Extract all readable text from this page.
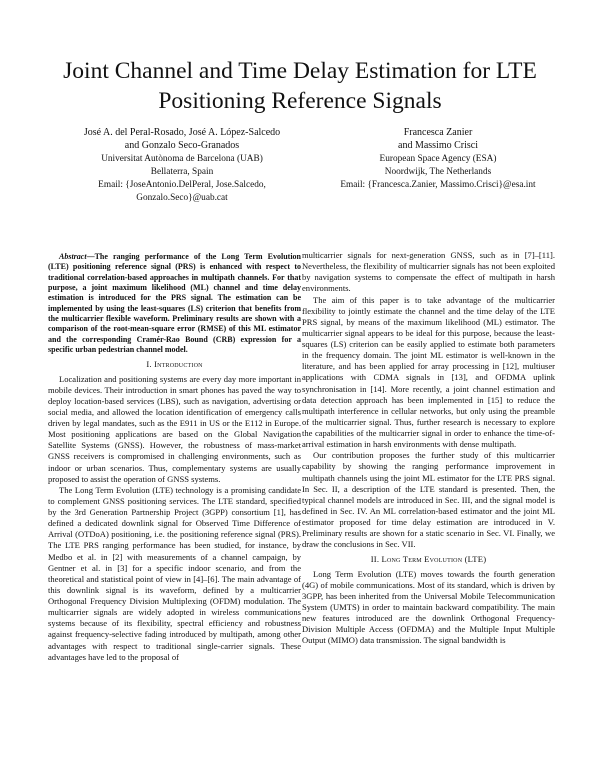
Joint Channel and Time Delay Estimation for LTE
Positioning Reference Signals
José A. del Peral-Rosado, José A. López-Salcedo
and Gonzalo Seco-Granados
Universitat Autònoma de Barcelona (UAB)
Bellaterra, Spain
Email: {JoseAntonio.DelPeral, Jose.Salcedo,
Gonzalo.Seco}@uab.cat
Francesca Zanier
and Massimo Crisci
European Space Agency (ESA)
Noordwijk, The Netherlands
Email: {Francesca.Zanier, Massimo.Crisci}@esa.int

Abstract—The ranging performance of the Long Term Evolution (LTE) positioning reference signal (PRS) is enhanced with respect to traditional correlation-based approaches in multipath channels. For that purpose, a joint maximum likelihood (ML) channel and time delay estimation is introduced for the PRS signal. The estimation can be implemented by using the least-squares (LS) criterion that benefits from the multicarrier flexible waveform. Preliminary results are shown with a comparison of the root-mean-square error (RMSE) of this ML estimator and the corresponding Cramér-Rao Bound (CRB) expression for a specific urban pedestrian channel model.

I. Introduction

Localization and positioning systems are every day more important in mobile devices. Their introduction in smart phones has paved the way to deploy location-based services (LBS), such as navigation, advertising or social media, and allowed the location identification of emergency calls driven by legal mandates, such as the E911 in US or the E112 in Europe. Most positioning applications are based on the Global Navigation Satellite Systems (GNSS). However, the robustness of mass-market GNSS receivers is compromised in challenging environments, such as indoor or urban scenarios. Thus, complementary systems are usually proposed to assist the operation of GNSS systems.

The Long Term Evolution (LTE) technology is a promising candidate to complement GNSS positioning services. The LTE standard, specified by the 3rd Generation Partnership Project (3GPP) consortium [1], has defined a dedicated downlink signal for Observed Time Difference of Arrival (OTDoA) positioning, i.e. the positioning reference signal (PRS). The LTE PRS ranging performance has been studied, for instance, by Medbo et al. in [2] with measurements of a channel campaign, by Gentner et al. in [3] for a specific indoor scenario, and from the theoretical and statistical point of view in [4]–[6]. The main advantage of this downlink signal is its waveform, defined by a multicarrier Orthogonal Frequency Division Multiplexing (OFDM) modulation. The multicarrier signals are widely adopted in wireless communications systems because of its flexibility, spectral efficiency and robustness against frequency-selective fading introduced by multipath, among other advantages with respect to traditional single-carrier signals. These advantages have led to the proposal of

multicarrier signals for next-generation GNSS, such as in [7]–[11]. Nevertheless, the flexibility of multicarrier signals has not been exploited by navigation systems to compensate the effect of multipath in harsh environments.

The aim of this paper is to take advantage of the multicarrier flexibility to jointly estimate the channel and the time delay of the LTE PRS signal, by means of the maximum likelihood (ML) estimator. The multicarrier signal appears to be ideal for this purpose, because the least-squares (LS) criterion can be easily applied to estimate both parameters in the frequency domain. The joint ML estimator is well-known in the literature, and has been applied for array processing in [12], multiuser applications with CDMA signals in [13], and OFDMA uplink synchronisation in [14]. More recently, a joint channel estimation and data detection approach has been implemented in [15] to reduce the multipath interference in cellular networks, but only using the preamble of the multicarrier signal. Thus, further research is necessary to explore the capabilities of the multicarrier signal in order to enhance the time-of-arrival estimation in harsh environments with dense multipath.

Our contribution proposes the further study of this multicarrier capability by showing the ranging performance improvement in multipath channels using the joint ML estimator for the LTE PRS signal. In Sec. II, a description of the LTE standard is presented. Then, the typical channel models are introduced in Sec. III, and the signal model is defined in Sec. IV. An ML correlation-based estimator and the joint ML estimator proposed for time delay estimation are introduced in V. Preliminary results are shown for a static scenario in Sec. VI. Finally, we draw the conclusions in Sec. VII.

II. Long Term Evolution (LTE)

Long Term Evolution (LTE) moves towards the fourth generation (4G) of mobile communications. Most of its standard, which is driven by 3GPP, has been inherited from the Universal Mobile Telecommunication System (UMTS) in order to maintain backward compatibility. The main new features introduced are the downlink Orthogonal Frequency-Division Multiple Access (OFDMA) and the Multiple Input Multiple Output (MIMO) data transmission. The signal bandwidth is
